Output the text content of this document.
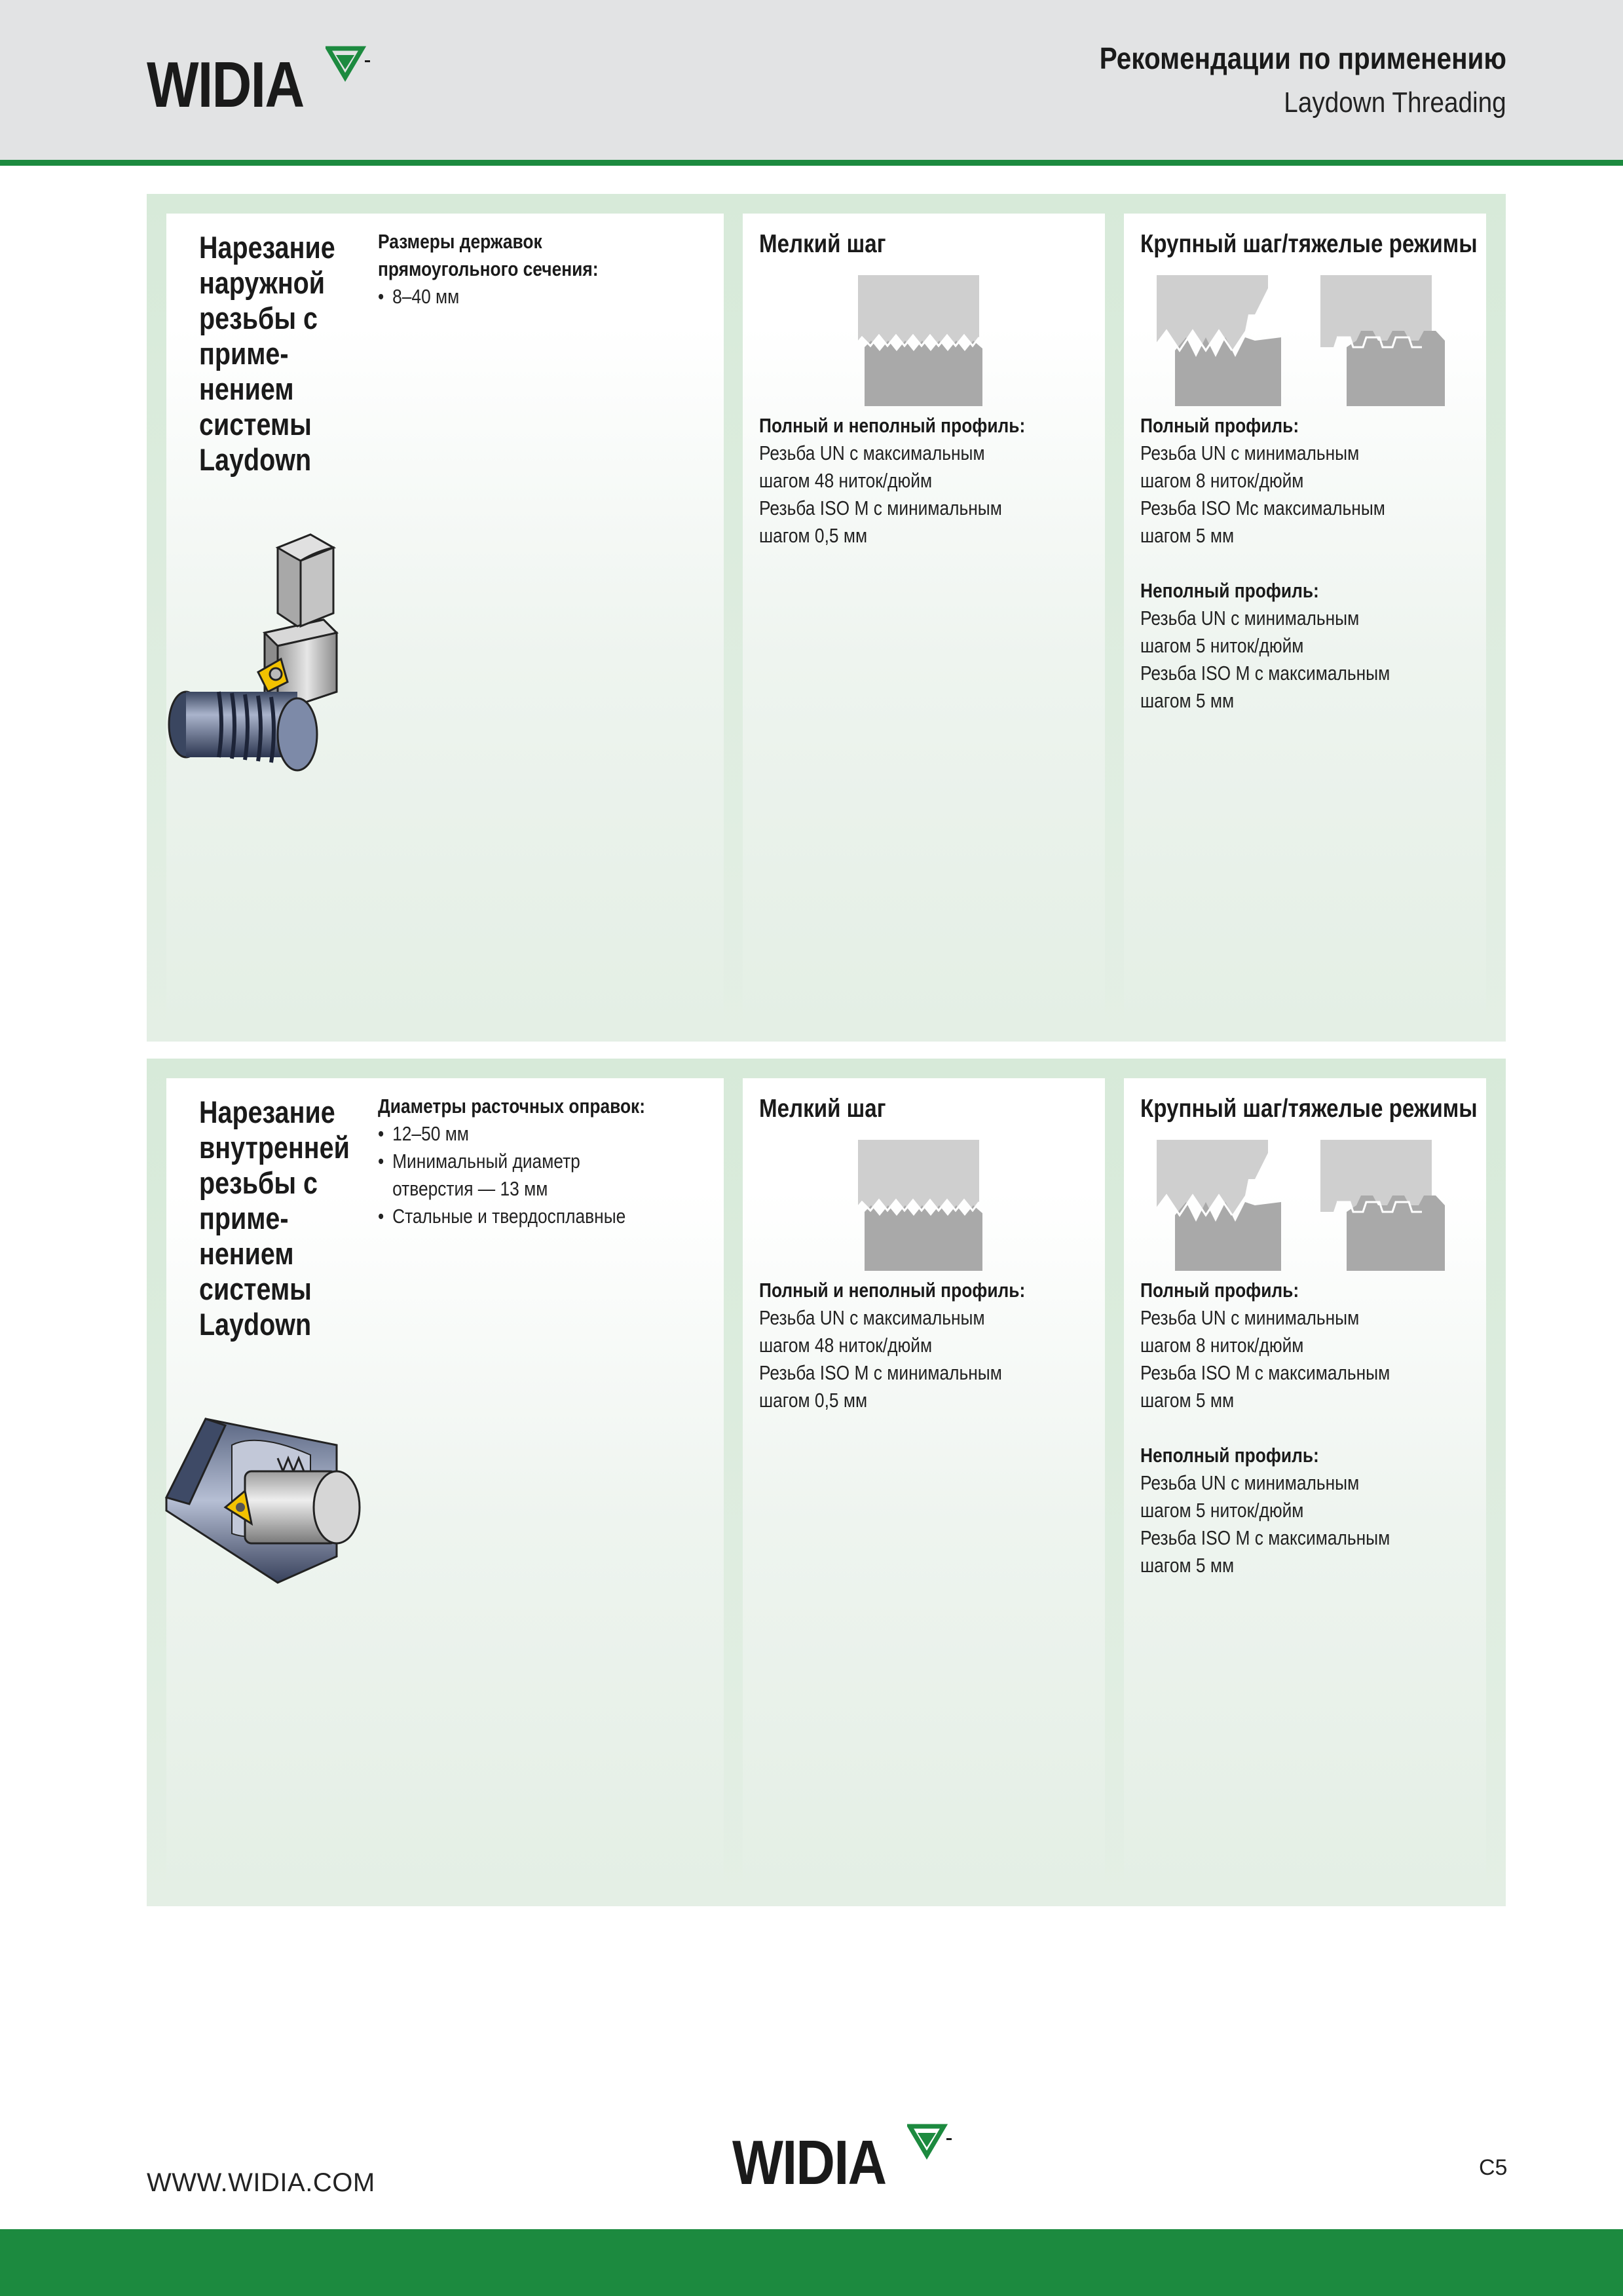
WIDIA	Рекомендации по применению
Laydown Threading
Нарезание
наружной
резьбы с
приме-
нением
системы
Laydown
Размеры державок прямоугольного сечения:
• 8–40 мм
Мелкий шаг
Полный и неполный профиль:
Резьба UN с максимальным
шагом 48 ниток/дюйм
Резьба ISO M с минимальным
шагом 0,5 мм
Крупный шаг/тяжелые режимы
Полный профиль:
Резьба UN с минимальным
шагом 8 ниток/дюйм
Резьба ISO Mс максимальным
шагом 5 мм
Неполный профиль:
Резьба UN с минимальным
шагом 5 ниток/дюйм
Резьба ISO M с максимальным
шагом 5 мм
Нарезание
внутренней
резьбы с
приме-
нением
системы
Laydown
Диаметры расточных оправок:
• 12–50 мм
• Минимальный диаметр отверстия — 13 мм
• Стальные и твердосплавные
Мелкий шаг
Полный и неполный профиль:
Резьба UN с максимальным
шагом 48 ниток/дюйм
Резьба ISO M с минимальным
шагом 0,5 мм
Крупный шаг/тяжелые режимы
Полный профиль:
Резьба UN с минимальным
шагом 8 ниток/дюйм
Резьба ISO M с максимальным
шагом 5 мм
Неполный профиль:
Резьба UN с минимальным
шагом 5 ниток/дюйм
Резьба ISO M с максимальным
шагом 5 мм
WWW.WIDIA.COM	WIDIA	C5
